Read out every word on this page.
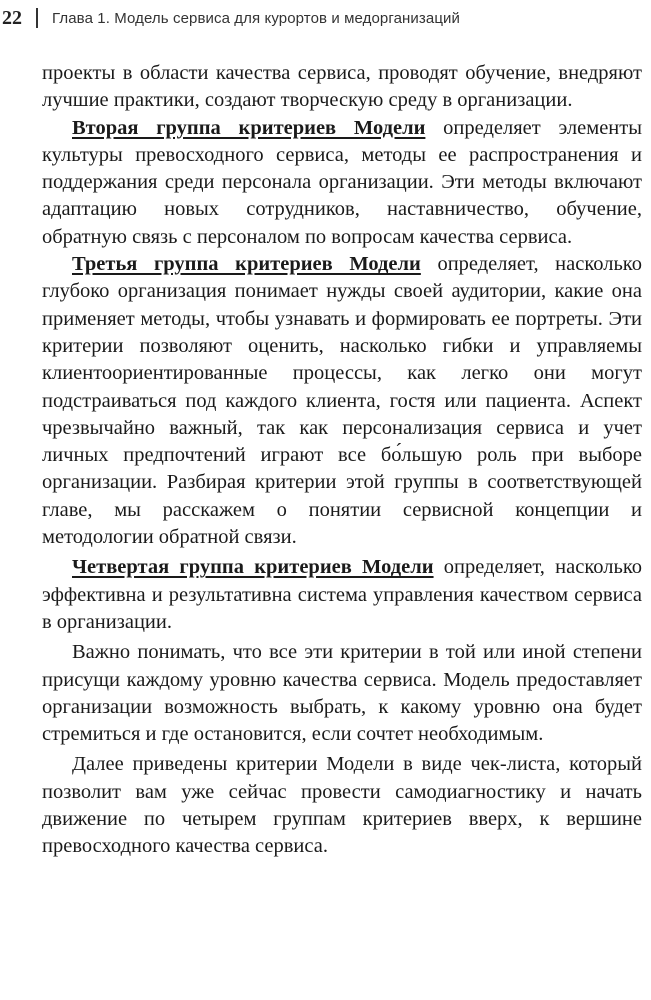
22 Глава 1. Модель сервиса для курортов и медорганизаций

проекты в области качества сервиса, проводят обучение, внедряют лучшие практики, создают творческую среду в организации.

Вторая группа критериев Модели определяет элементы культуры превосходного сервиса, методы ее распространения и поддержания среди персонала организации. Эти методы включают адаптацию новых сотрудников, наставничество, обучение, обратную связь с персоналом по вопросам качества сервиса.

Третья группа критериев Модели определяет, насколько глубоко организация понимает нужды своей аудитории, какие она применяет методы, чтобы узнавать и формировать ее портреты. Эти критерии позволяют оценить, насколько гибки и управляемы клиентоориентированные процессы, как легко они могут подстраиваться под каждого клиента, гостя или пациента. Аспект чрезвычайно важный, так как персонализация сервиса и учет личных предпочтений играют все бо́льшую роль при выборе организации. Разбирая критерии этой группы в соответствующей главе, мы расскажем о понятии сервисной концепции и методологии обратной связи.

Четвертая группа критериев Модели определяет, насколько эффективна и результативна система управления качеством сервиса в организации.

Важно понимать, что все эти критерии в той или иной степени присущи каждому уровню качества сервиса. Модель предоставляет организации возможность выбрать, к какому уровню она будет стремиться и где остановится, если сочтет необходимым.

Далее приведены критерии Модели в виде чек-листа, который позволит вам уже сейчас провести самодиагностику и начать движение по четырем группам критериев вверх, к вершине превосходного качества сервиса.
